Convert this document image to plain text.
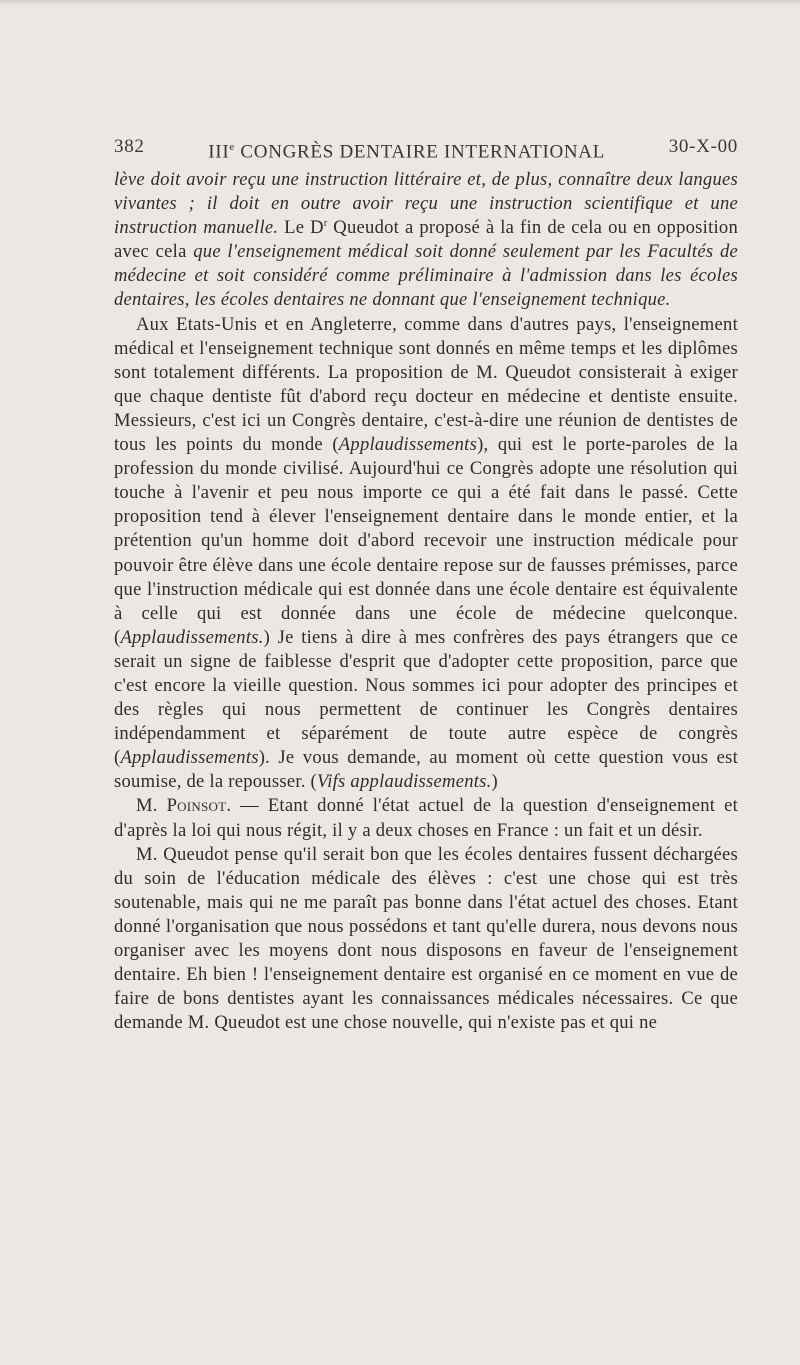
382	IIIe CONGRÈS DENTAIRE INTERNATIONAL	30-X-00

lève doit avoir reçu une instruction littéraire et, de plus, connaître deux langues vivantes ; il doit en outre avoir reçu une instruction scientifique et une instruction manuelle. Le $D^r$ Queudot a proposé à la fin de cela ou en opposition avec cela que l'enseignement médical soit donné seulement par les Facultés de médecine et soit considéré comme préliminaire à l'admission dans les écoles dentaires, les écoles dentaires ne donnant que l'enseignement technique.

Aux Etats-Unis et en Angleterre, comme dans d'autres pays, l'enseignement médical et l'enseignement technique sont donnés en même temps et les diplômes sont totalement différents. La proposition de M. Queudot consisterait à exiger que chaque dentiste fût d'abord reçu docteur en médecine et dentiste ensuite. Messieurs, c'est ici un Congrès dentaire, c'est-à-dire une réunion de dentistes de tous les points du monde (Applaudissements), qui est le porte-paroles de la profession du monde civilisé. Aujourd'hui ce Congrès adopte une résolution qui touche à l'avenir et peu nous importe ce qui a été fait dans le passé. Cette proposition tend à élever l'enseignement dentaire dans le monde entier, et la prétention qu'un homme doit d'abord recevoir une instruction médicale pour pouvoir être élève dans une école dentaire repose sur de fausses prémisses, parce que l'instruction médicale qui est donnée dans une école dentaire est équivalente à celle qui est donnée dans une école de médecine quelconque. (Applaudissements.) Je tiens à dire à mes confrères des pays étrangers que ce serait un signe de faiblesse d'esprit que d'adopter cette proposition, parce que c'est encore la vieille question. Nous sommes ici pour adopter des principes et des règles qui nous permettent de continuer les Congrès dentaires indépendamment et séparément de toute autre espèce de congrès (Applaudissements). Je vous demande, au moment où cette question vous est soumise, de la repousser. (Vifs applaudissements.)

M. Poinsot. — Etant donné l'état actuel de la question d'enseignement et d'après la loi qui nous régit, il y a deux choses en France : un fait et un désir.

M. Queudot pense qu'il serait bon que les écoles dentaires fussent déchargées du soin de l'éducation médicale des élèves : c'est une chose qui est très soutenable, mais qui ne me paraît pas bonne dans l'état actuel des choses. Etant donné l'organisation que nous possédons et tant qu'elle durera, nous devons nous organiser avec les moyens dont nous disposons en faveur de l'enseignement dentaire. Eh bien ! l'enseignement dentaire est organisé en ce moment en vue de faire de bons dentistes ayant les connaissances médicales nécessaires. Ce que demande M. Queudot est une chose nouvelle, qui n'existe pas et qui ne
